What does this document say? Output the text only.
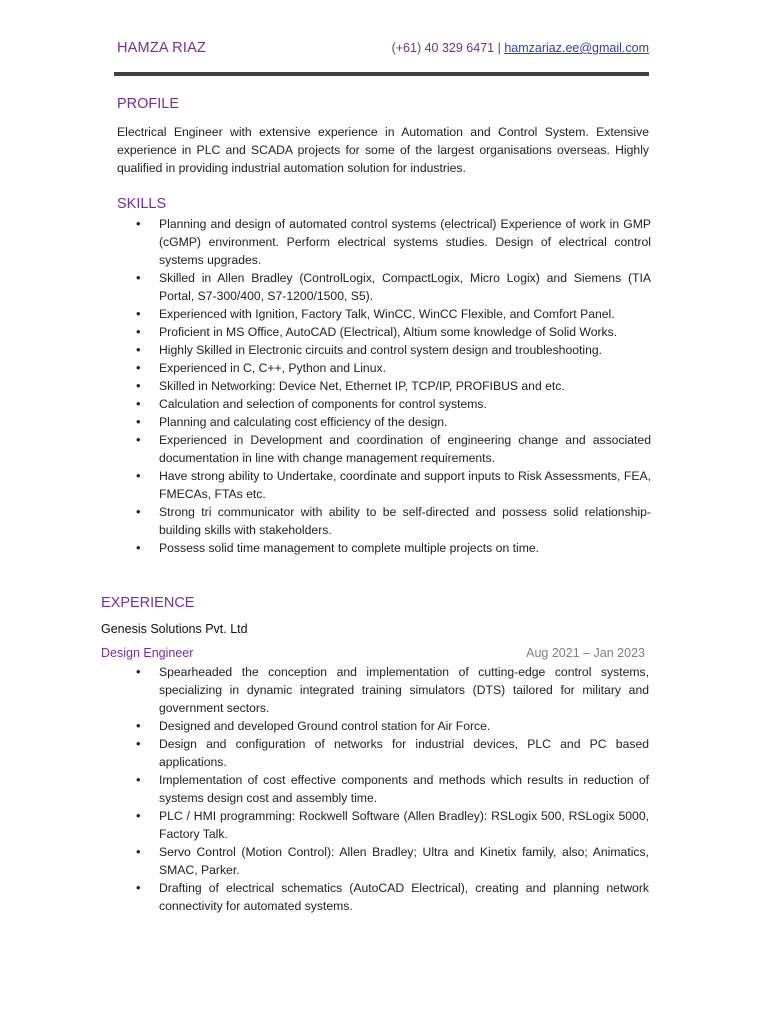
HAMZA RIAZ	(+61) 40 329 6471 | hamzariaz.ee@gmail.com
PROFILE

Electrical Engineer with extensive experience in Automation and Control System. Extensive experience in PLC and SCADA projects for some of the largest organisations overseas. Highly qualified in providing industrial automation solution for industries.

SKILLS
• Planning and design of automated control systems (electrical) Experience of work in GMP (cGMP) environment. Perform electrical systems studies. Design of electrical control systems upgrades.
• Skilled in Allen Bradley (ControlLogix, CompactLogix, Micro Logix) and Siemens (TIA Portal, S7-300/400, S7-1200/1500, S5).
• Experienced with Ignition, Factory Talk, WinCC, WinCC Flexible, and Comfort Panel.
• Proficient in MS Office, AutoCAD (Electrical), Altium some knowledge of Solid Works.
• Highly Skilled in Electronic circuits and control system design and troubleshooting.
• Experienced in C, C++, Python and Linux.
• Skilled in Networking: Device Net, Ethernet IP, TCP/IP, PROFIBUS and etc.
• Calculation and selection of components for control systems.
• Planning and calculating cost efficiency of the design.
• Experienced in Development and coordination of engineering change and associated documentation in line with change management requirements.
• Have strong ability to Undertake, coordinate and support inputs to Risk Assessments, FEA, FMECAs, FTAs etc.
• Strong tri communicator with ability to be self-directed and possess solid relationship-building skills with stakeholders.
• Possess solid time management to complete multiple projects on time.
EXPERIENCE
Genesis Solutions Pvt. Ltd
Design Engineer	Aug 2021 – Jan 2023
• Spearheaded the conception and implementation of cutting-edge control systems, specializing in dynamic integrated training simulators (DTS) tailored for military and government sectors.
• Designed and developed Ground control station for Air Force.
• Design and configuration of networks for industrial devices, PLC and PC based applications.
• Implementation of cost effective components and methods which results in reduction of systems design cost and assembly time.
• PLC / HMI programming: Rockwell Software (Allen Bradley): RSLogix 500, RSLogix 5000, Factory Talk.
• Servo Control (Motion Control): Allen Bradley; Ultra and Kinetix family, also; Animatics, SMAC, Parker.
• Drafting of electrical schematics (AutoCAD Electrical), creating and planning network connectivity for automated systems.
